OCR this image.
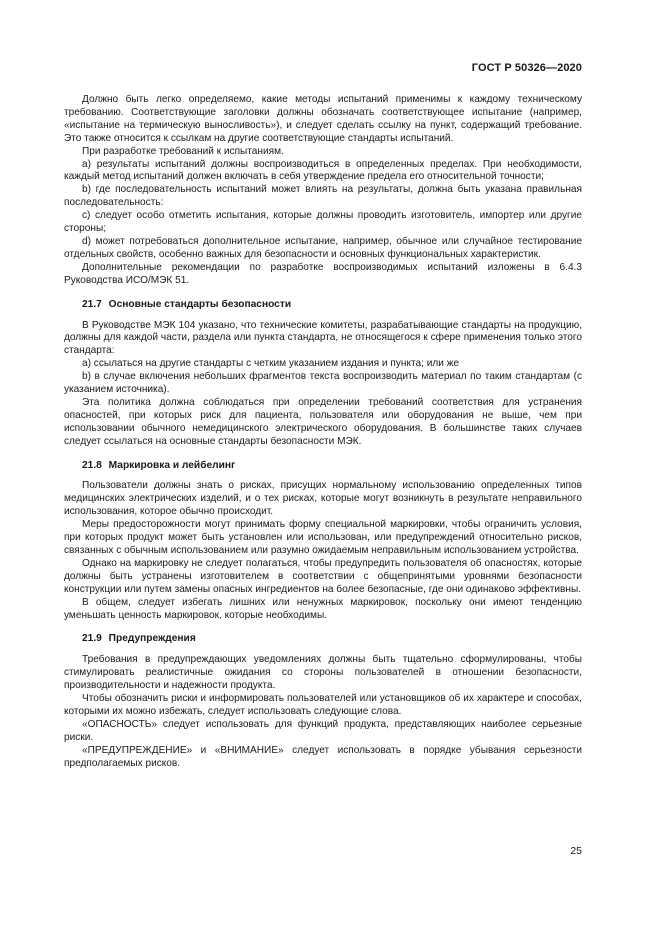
ГОСТ Р 50326—2020

Должно быть легко определяемо, какие методы испытаний применимы к каждому техническому требованию. Соответствующие заголовки должны обозначать соответствующее испытание (например, «испытание на термическую выносливость»), и следует сделать ссылку на пункт, содержащий требование. Это также относится к ссылкам на другие соответствующие стандарты испытаний.

При разработке требований к испытаниям.

a) результаты испытаний должны воспроизводиться в определенных пределах. При необходимости, каждый метод испытаний должен включать в себя утверждение предела его относительной точности;

b) где последовательность испытаний может влиять на результаты, должна быть указана правильная последовательность:

c) следует особо отметить испытания, которые должны проводить изготовитель, импортер или другие стороны;

d) может потребоваться дополнительное испытание, например, обычное или случайное тестирование отдельных свойств, особенно важных для безопасности и основных функциональных характеристик.

Дополнительные рекомендации по разработке воспроизводимых испытаний изложены в 6.4.3 Руководства ИСО/МЭК 51.

21.7 Основные стандарты безопасности

В Руководстве МЭК 104 указано, что технические комитеты, разрабатывающие стандарты на продукцию, должны для каждой части, раздела или пункта стандарта, не относящегося к сфере применения только этого стандарта:

a) ссылаться на другие стандарты с четким указанием издания и пункта; или же

b) в случае включения небольших фрагментов текста воспроизводить материал по таким стандартам (с указанием источника).

Эта политика должна соблюдаться при определении требований соответствия для устранения опасностей, при которых риск для пациента, пользователя или оборудования не выше, чем при использовании обычного немедицинского электрического оборудования. В большинстве таких случаев следует ссылаться на основные стандарты безопасности МЭК.

21.8 Маркировка и лейбелинг

Пользователи должны знать о рисках, присущих нормальному использованию определенных типов медицинских электрических изделий, и о тех рисках, которые могут возникнуть в результате неправильного использования, которое обычно происходит.

Меры предосторожности могут принимать форму специальной маркировки, чтобы ограничить условия, при которых продукт может быть установлен или использован, или предупреждений относительно рисков, связанных с обычным использованием или разумно ожидаемым неправильным использованием устройства.

Однако на маркировку не следует полагаться, чтобы предупредить пользователя об опасностях, которые должны быть устранены изготовителем в соответствии с общепринятыми уровнями безопасности конструкции или путем замены опасных ингредиентов на более безопасные, где они одинаково эффективны.

В общем, следует избегать лишних или ненужных маркировок, поскольку они имеют тенденцию уменьшать ценность маркировок, которые необходимы.

21.9 Предупреждения

Требования в предупреждающих уведомлениях должны быть тщательно сформулированы, чтобы стимулировать реалистичные ожидания со стороны пользователей в отношении безопасности, производительности и надежности продукта.

Чтобы обозначить риски и информировать пользователей или установщиков об их характере и способах, которыми их можно избежать, следует использовать следующие слова.

«ОПАСНОСТЬ» следует использовать для функций продукта, представляющих наиболее серьезные риски.

«ПРЕДУПРЕЖДЕНИЕ» и «ВНИМАНИЕ» следует использовать в порядке убывания серьезности предполагаемых рисков.

25
